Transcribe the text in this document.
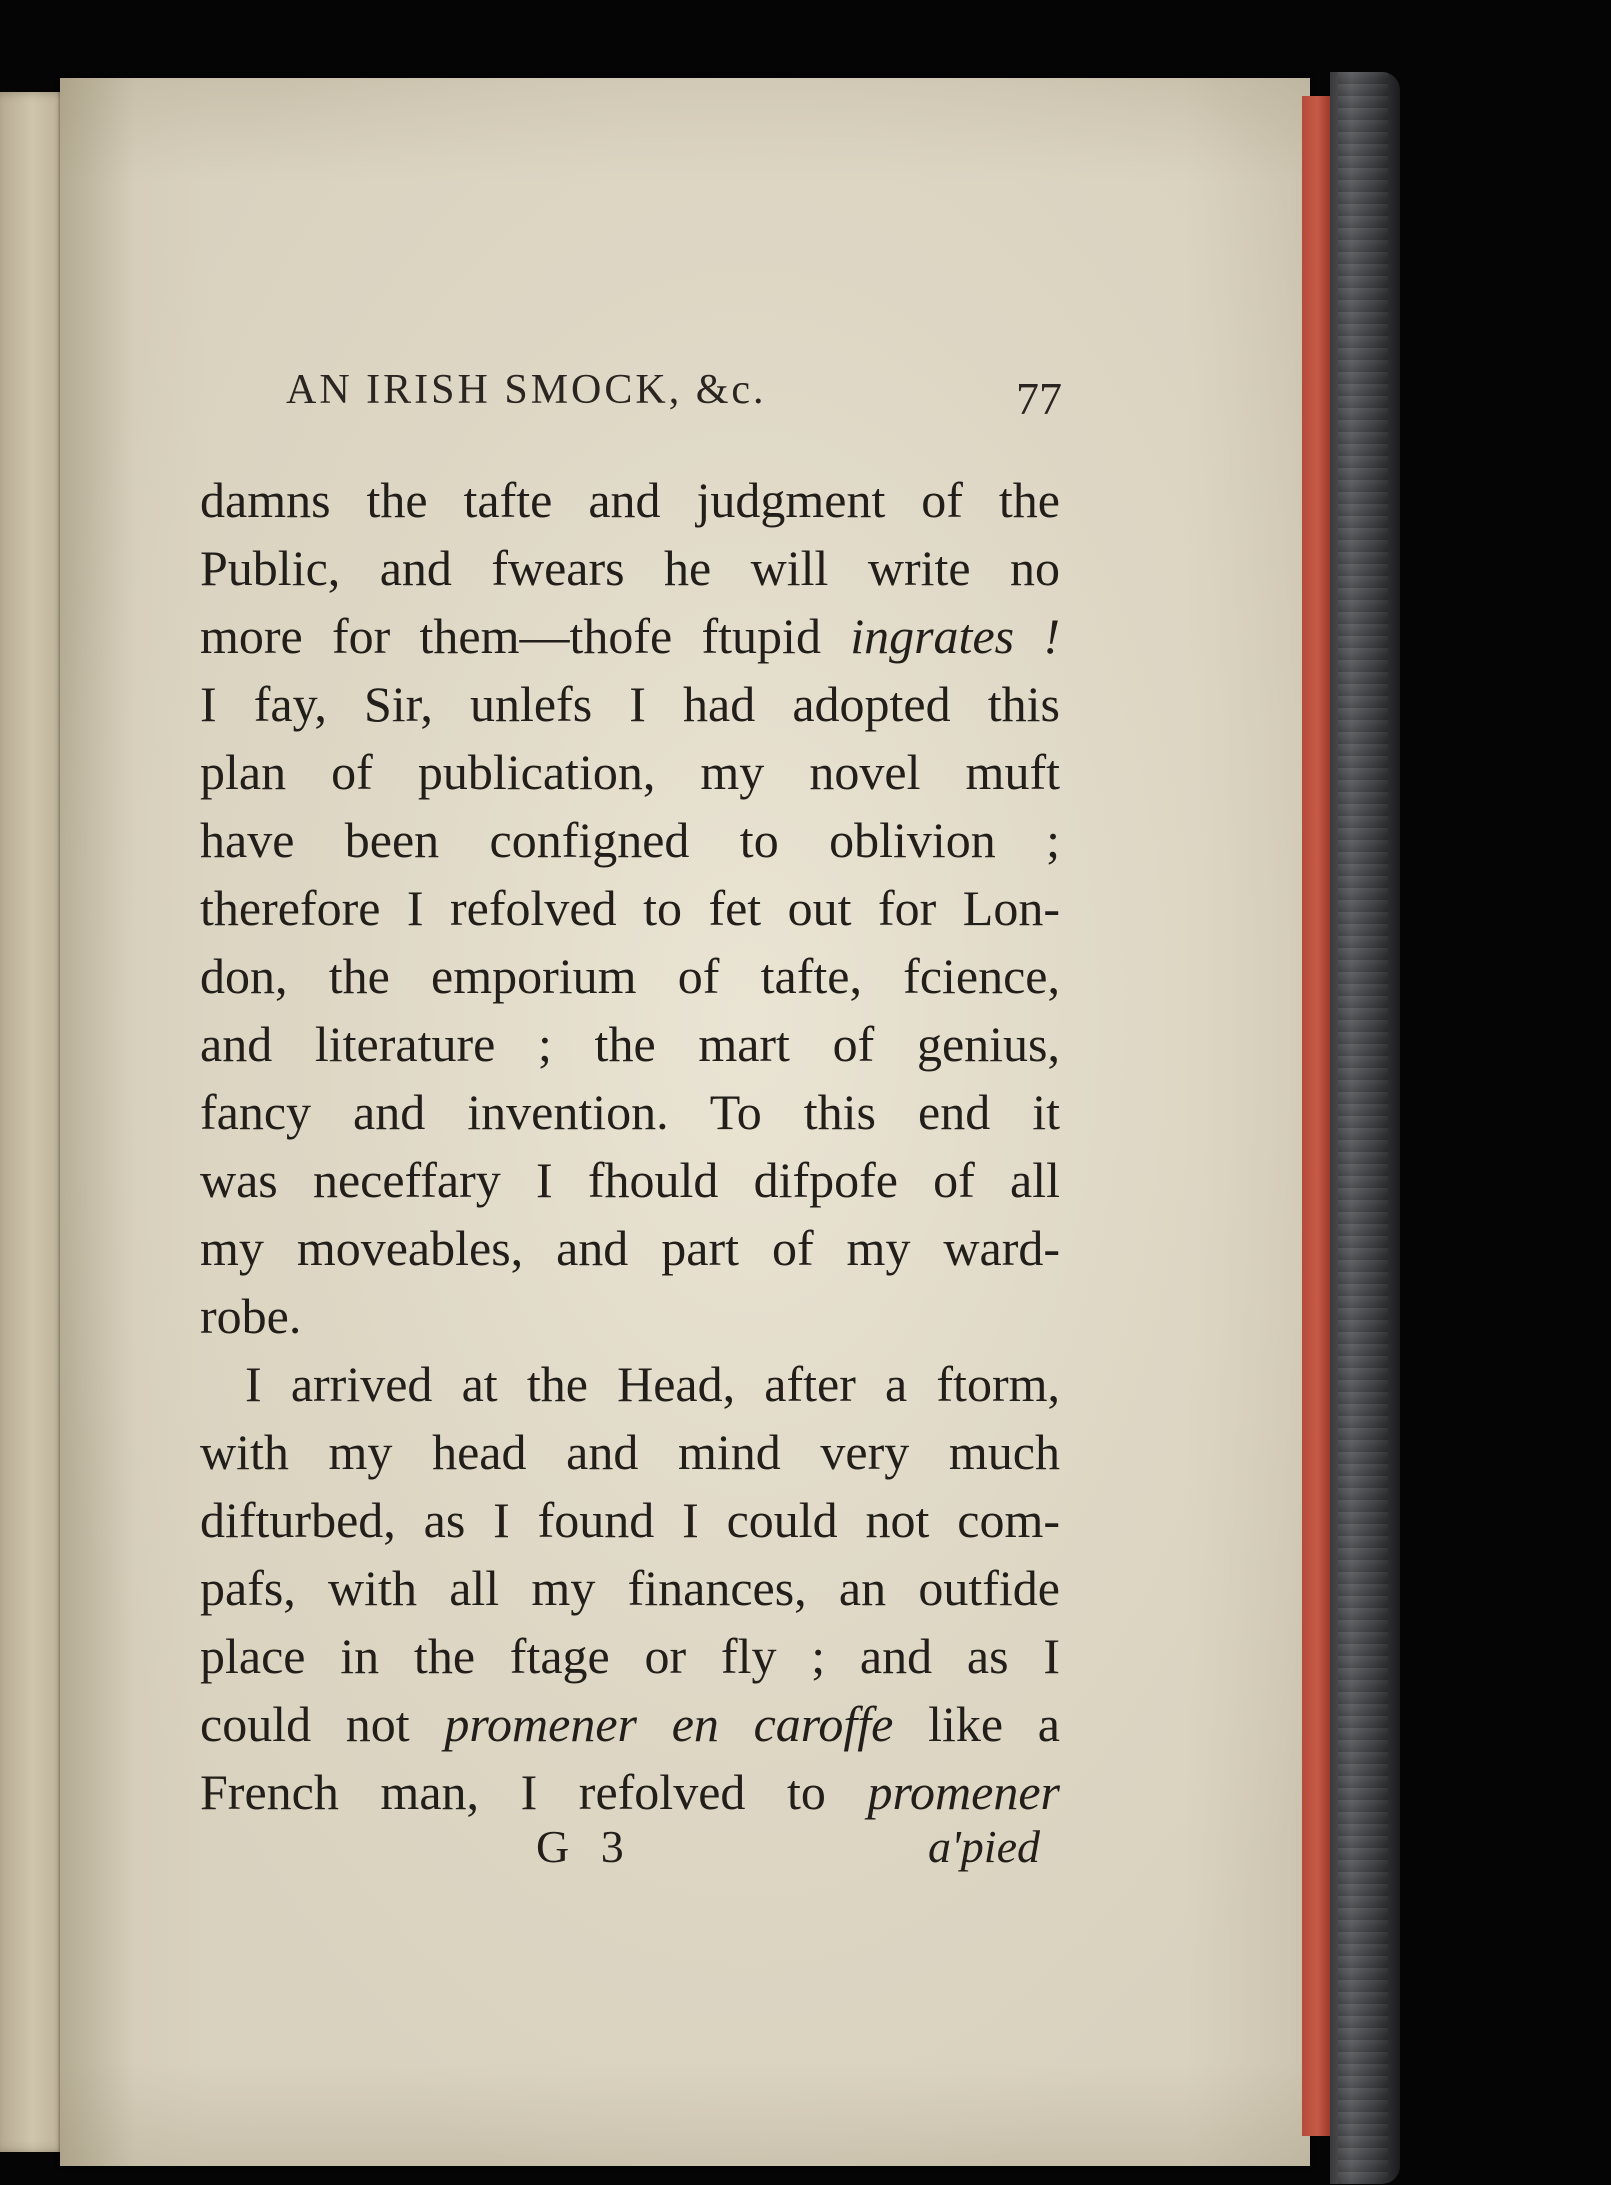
AN IRISH SMOCK, &c.	77
damns the tafte and judgment of the
Public, and fwears he will write no
more for them—thofe ftupid ingrates !
I fay, Sir, unlefs I had adopted this
plan of publication, my novel muft
have been configned to oblivion ;
therefore I refolved to fet out for Lon-
don, the emporium of tafte, fcience,
and literature ; the mart of genius,
fancy and invention. To this end it
was neceffary I fhould difpofe of all
my moveables, and part of my ward-
robe.
I arrived at the Head, after a ftorm,
with my head and mind very much
difturbed, as I found I could not com-
pafs, with all my finances, an outfide
place in the ftage or fly ; and as I
could not promener en caroffe like a
French man, I refolved to promener
G 3	a'pied
